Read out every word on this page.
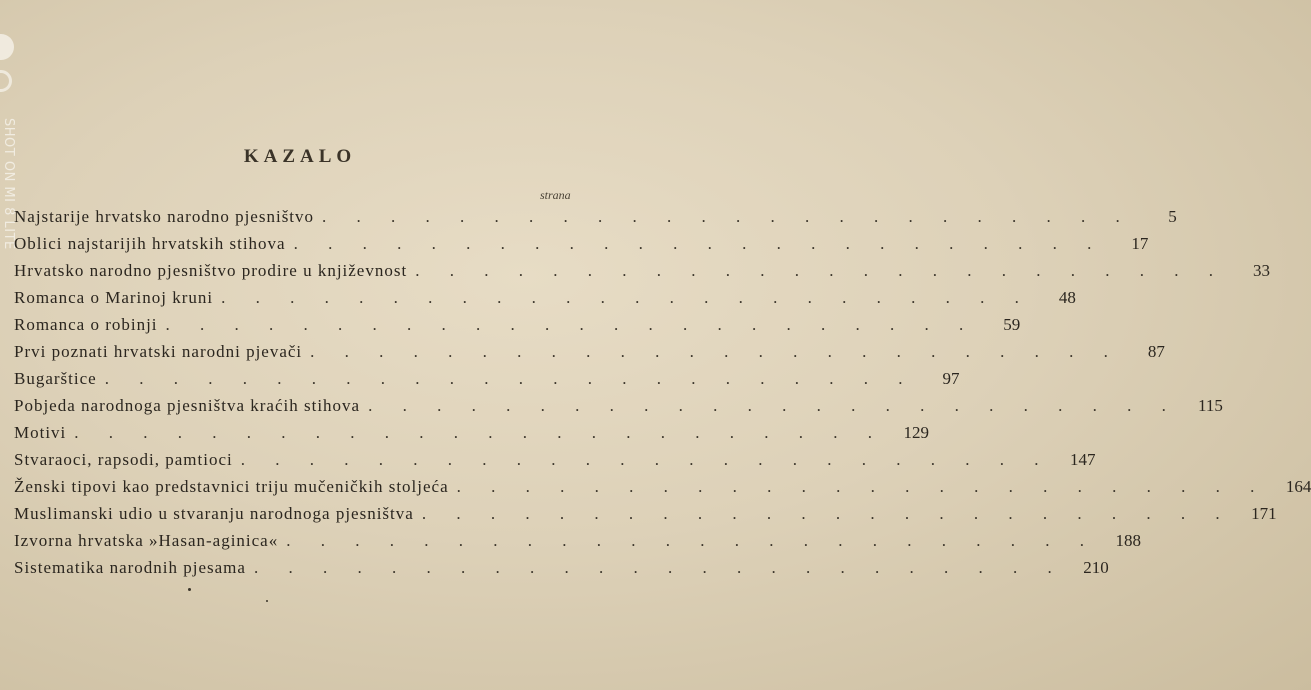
SHOT ON MI 8 LITE	KAZALO
strana
Najstarije hrvatsko narodno pjesništvo . . . . . . . . . . . . . . . . . . . . . . . .	5
Oblici najstarijih hrvatskih stihova . . . . . . . . . . . . . . . . . . . . . . . .	17
Hrvatsko narodno pjesništvo prodire u književnost . . . . . . . . . . . . . . . . . . . . . . . .	33
Romanca o Marinoj kruni . . . . . . . . . . . . . . . . . . . . . . . .	48
Romanca o robinji . . . . . . . . . . . . . . . . . . . . . . . .	59
Prvi poznati hrvatski narodni pjevači . . . . . . . . . . . . . . . . . . . . . . . .	87
Bugarštice . . . . . . . . . . . . . . . . . . . . . . . .	97
Pobjeda narodnoga pjesništva kraćih stihova . . . . . . . . . . . . . . . . . . . . . . . .	115
Motivi . . . . . . . . . . . . . . . . . . . . . . . .	129
Stvaraoci, rapsodi, pamtioci . . . . . . . . . . . . . . . . . . . . . . . .	147
Ženski tipovi kao predstavnici triju mučeničkih stoljeća . . . . . . . . . . . . . . . . . . . . . . . .	164
Muslimanski udio u stvaranju narodnoga pjesništva . . . . . . . . . . . . . . . . . . . . . . . .	171
Izvorna hrvatska »Hasan-aginica« . . . . . . . . . . . . . . . . . . . . . . . .	188
Sistematika narodnih pjesama . . . . . . . . . . . . . . . . . . . . . . . .	210
